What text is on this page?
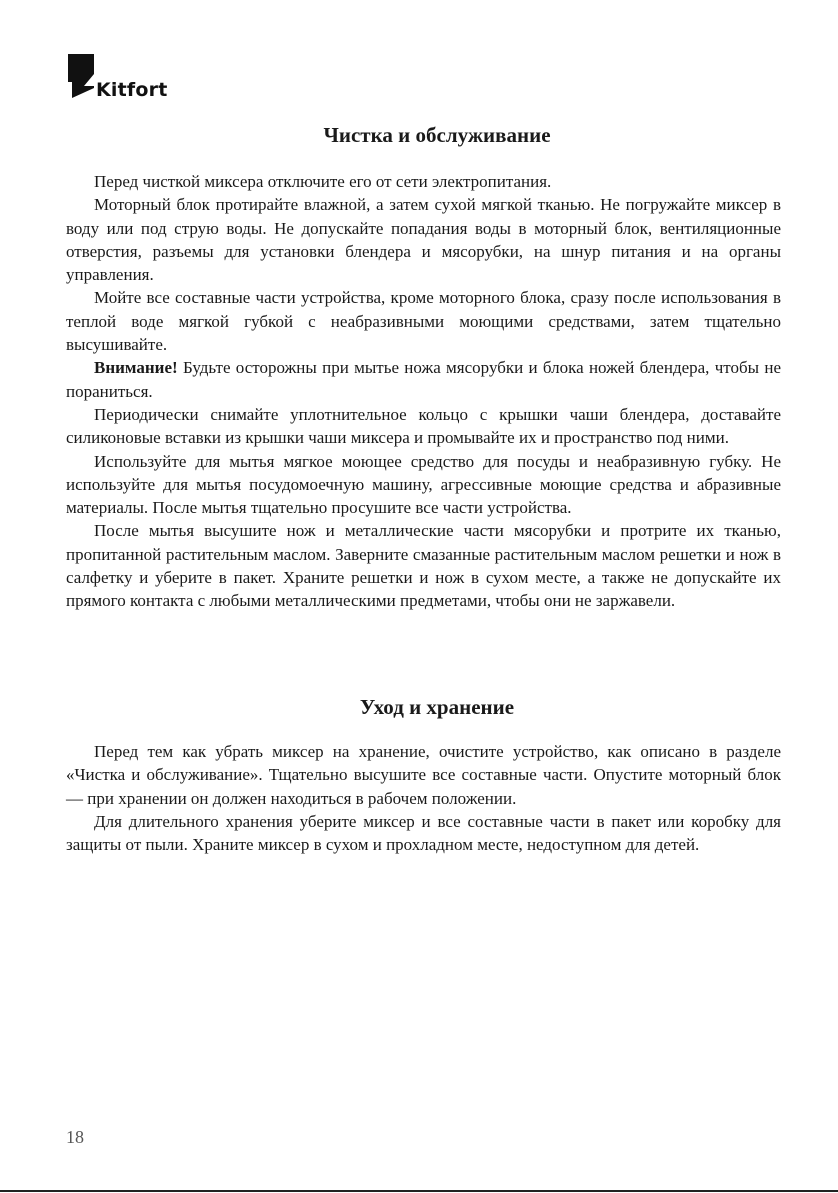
Kitfort
Чистка и обслуживание

Перед чисткой миксера отключите его от сети электропитания.

Моторный блок протирайте влажной, а затем сухой мягкой тканью. Не погружайте миксер в воду или под струю воды. Не допускайте попадания воды в моторный блок, вентиляционные отверстия, разъемы для установки блендера и мясорубки, на шнур питания и на органы управления.

Мойте все составные части устройства, кроме моторного блока, сразу после использования в теплой воде мягкой губкой с неабразивными моющими средствами, затем тщательно высушивайте.

Внимание! Будьте осторожны при мытье ножа мясорубки и блока ножей блендера, чтобы не пораниться.

Периодически снимайте уплотнительное кольцо с крышки чаши блендера, доставайте силиконовые вставки из крышки чаши миксера и промывайте их и пространство под ними.

Используйте для мытья мягкое моющее средство для посуды и неабразивную губку. Не используйте для мытья посудомоечную машину, агрессивные моющие средства и абразивные материалы. После мытья тщательно просушите все части устройства.

После мытья высушите нож и металлические части мясорубки и протрите их тканью, пропитанной растительным маслом. Заверните смазанные растительным маслом решетки и нож в салфетку и уберите в пакет. Храните решетки и нож в сухом месте, а также не допускайте их прямого контакта с любыми металлическими предметами, чтобы они не заржавели.

Уход и хранение

Перед тем как убрать миксер на хранение, очистите устройство, как описано в разделе «Чистка и обслуживание». Тщательно высушите все составные части. Опустите моторный блок — при хранении он должен находиться в рабочем положении.

Для длительного хранения уберите миксер и все составные части в пакет или коробку для защиты от пыли. Храните миксер в сухом и прохладном месте, недоступном для детей.

18
